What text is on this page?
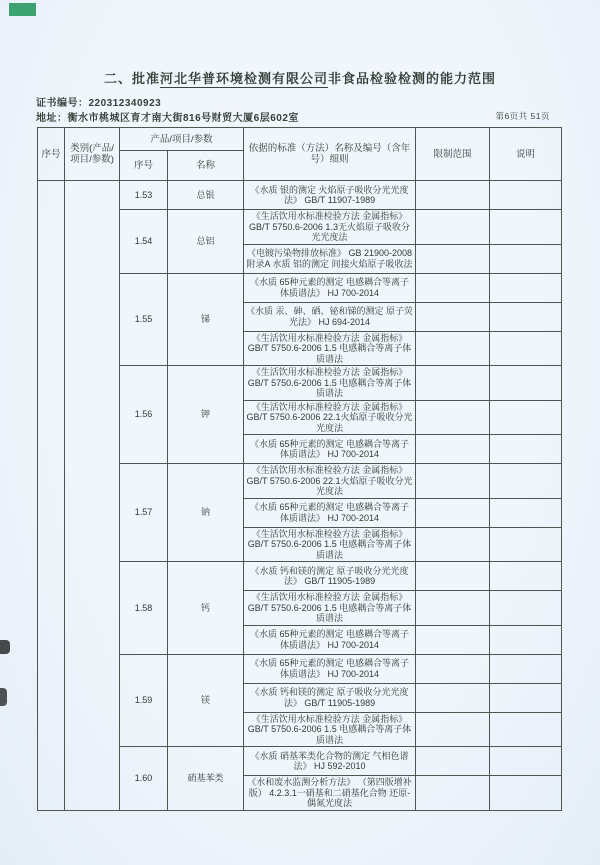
二、批准河北华普环境检测有限公司非食品检验检测的能力范围
证书编号：220312340923
地址：衡水市桃城区育才南大街816号财贸大厦6层602室	第6页共 51页
序号	类别(产品/项目/参数)	产品/项目/参数		依据的标准（方法）名称及编号（含年号）细则	限制范围	说明
		序号	名称			
		1.53	总银	《水质 银的测定 火焰原子吸收分光光度法》 GB/T 11907-1989		
		1.54	总铝	《生活饮用水标准检验方法 金属指标》GB/T 5750.6-2006 1.3无火焰原子吸收分光光度法		
				《电镀污染物排放标准》 GB 21900-2008 附录A 水质 铝的测定 间接火焰原子吸收法		
		1.55	锑	《水质 65种元素的测定 电感耦合等离子体质谱法》 HJ 700-2014		
				《水质 汞、砷、硒、铋和锑的测定 原子荧光法》 HJ 694-2014		
				《生活饮用水标准检验方法 金属指标》GB/T 5750.6-2006 1.5 电感耦合等离子体质谱法		
		1.56	钾	《生活饮用水标准检验方法 金属指标》GB/T 5750.6-2006 1.5 电感耦合等离子体质谱法		
				《生活饮用水标准检验方法 金属指标》GB/T 5750.6-2006 22.1火焰原子吸收分光光度法		
				《水质 65种元素的测定 电感耦合等离子体质谱法》 HJ 700-2014		
		1.57	钠	《生活饮用水标准检验方法 金属指标》GB/T 5750.6-2006 22.1火焰原子吸收分光光度法		
				《水质 65种元素的测定 电感耦合等离子体质谱法》 HJ 700-2014		
				《生活饮用水标准检验方法 金属指标》GB/T 5750.6-2006 1.5 电感耦合等离子体质谱法		
		1.58	钙	《水质 钙和镁的测定 原子吸收分光光度法》 GB/T 11905-1989		
				《生活饮用水标准检验方法 金属指标》GB/T 5750.6-2006 1.5 电感耦合等离子体质谱法		
				《水质 65种元素的测定 电感耦合等离子体质谱法》 HJ 700-2014		
		1.59	镁	《水质 65种元素的测定 电感耦合等离子体质谱法》 HJ 700-2014		
				《水质 钙和镁的测定 原子吸收分光光度法》 GB/T 11905-1989		
				《生活饮用水标准检验方法 金属指标》GB/T 5750.6-2006 1.5 电感耦合等离子体质谱法		
		1.60	硝基苯类	《水质 硝基苯类化合物的测定 气相色谱法》 HJ 592-2010		
				《水和废水监测分析方法》 （第四版增补版） 4.2.3.1一硝基和二硝基化合物 还原-偶氮光度法		
